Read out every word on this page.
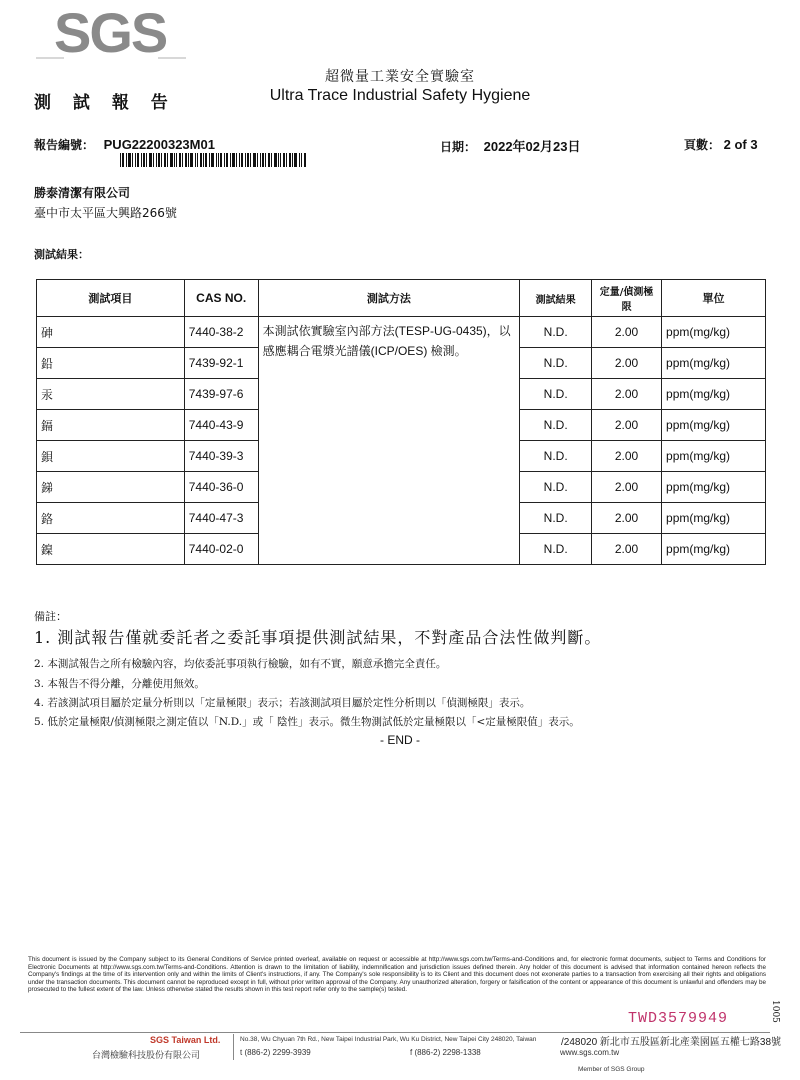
SGS
測 試 報 告
超微量工業安全實驗室
Ultra Trace Industrial Safety Hygiene
報告編號： PUG22200323M01	日期： 2022年02月23日	頁數： 2 of 3
勝泰清潔有限公司
臺中市太平區大興路266號
測試結果：
測試項目	CAS NO.	測試方法	測試結果	定量/偵測極限	單位
砷	7440-38-2	本測試依實驗室內部方法(TESP-UG-0435)，以感應耦合電漿光譜儀(ICP/OES) 檢測。	N.D.	2.00	ppm(mg/kg)
鉛	7439-92-1		N.D.	2.00	ppm(mg/kg)
汞	7439-97-6		N.D.	2.00	ppm(mg/kg)
鎘	7440-43-9		N.D.	2.00	ppm(mg/kg)
鋇	7440-39-3		N.D.	2.00	ppm(mg/kg)
銻	7440-36-0		N.D.	2.00	ppm(mg/kg)
鉻	7440-47-3		N.D.	2.00	ppm(mg/kg)
鎳	7440-02-0		N.D.	2.00	ppm(mg/kg)
備註：
1. 測試報告僅就委託者之委託事項提供測試結果，不對產品合法性做判斷。
2. 本測試報告之所有檢驗內容，均依委託事項執行檢驗，如有不實，願意承擔完全責任。
3. 本報告不得分離，分離使用無效。
4. 若該測試項目屬於定量分析則以「定量極限」表示；若該測試項目屬於定性分析則以「偵測極限」表示。
5. 低於定量極限/偵測極限之測定值以「N.D.」或「 陰性」表示。微生物測試低於定量極限以「<定量極限值」表示。
- END -
This document is issued by the Company subject to its General Conditions of Service printed overleaf, available on request or accessible at http://www.sgs.com.tw/Terms-and-Conditions and, for electronic format documents, subject to Terms and Conditions for Electronic Documents at http://www.sgs.com.tw/Terms-and-Conditions. Attention is drawn to the limitation of liability, indemnification and jurisdiction issues defined therein. Any holder of this document is advised that information contained hereon reflects the Company's findings at the time of its intervention only and within the limits of Client's instructions, if any. The Company's sole responsibility is to its Client and this document does not exonerate parties to a transaction from exercising all their rights and obligations under the transaction documents. This document cannot be reproduced except in full, without prior written approval of the Company. Any unauthorized alteration, forgery or falsification of the content or appearance of this document is unlawful and offenders may be prosecuted to the fullest extent of the law. Unless otherwise stated the results shown in this test report refer only to the sample(s) tested.
TWD3579949
SGS Taiwan Ltd.
台灣檢驗科技股份有限公司
No.38, Wu Chyuan 7th Rd., New Taipei Industrial Park, Wu Ku District, New Taipei City 248020, Taiwan	/248020 新北市五股區新北產業園區五權七路38號
t (886-2) 2299-3939	f (886-2) 2298-1338	www.sgs.com.tw
Member of SGS Group
1005
